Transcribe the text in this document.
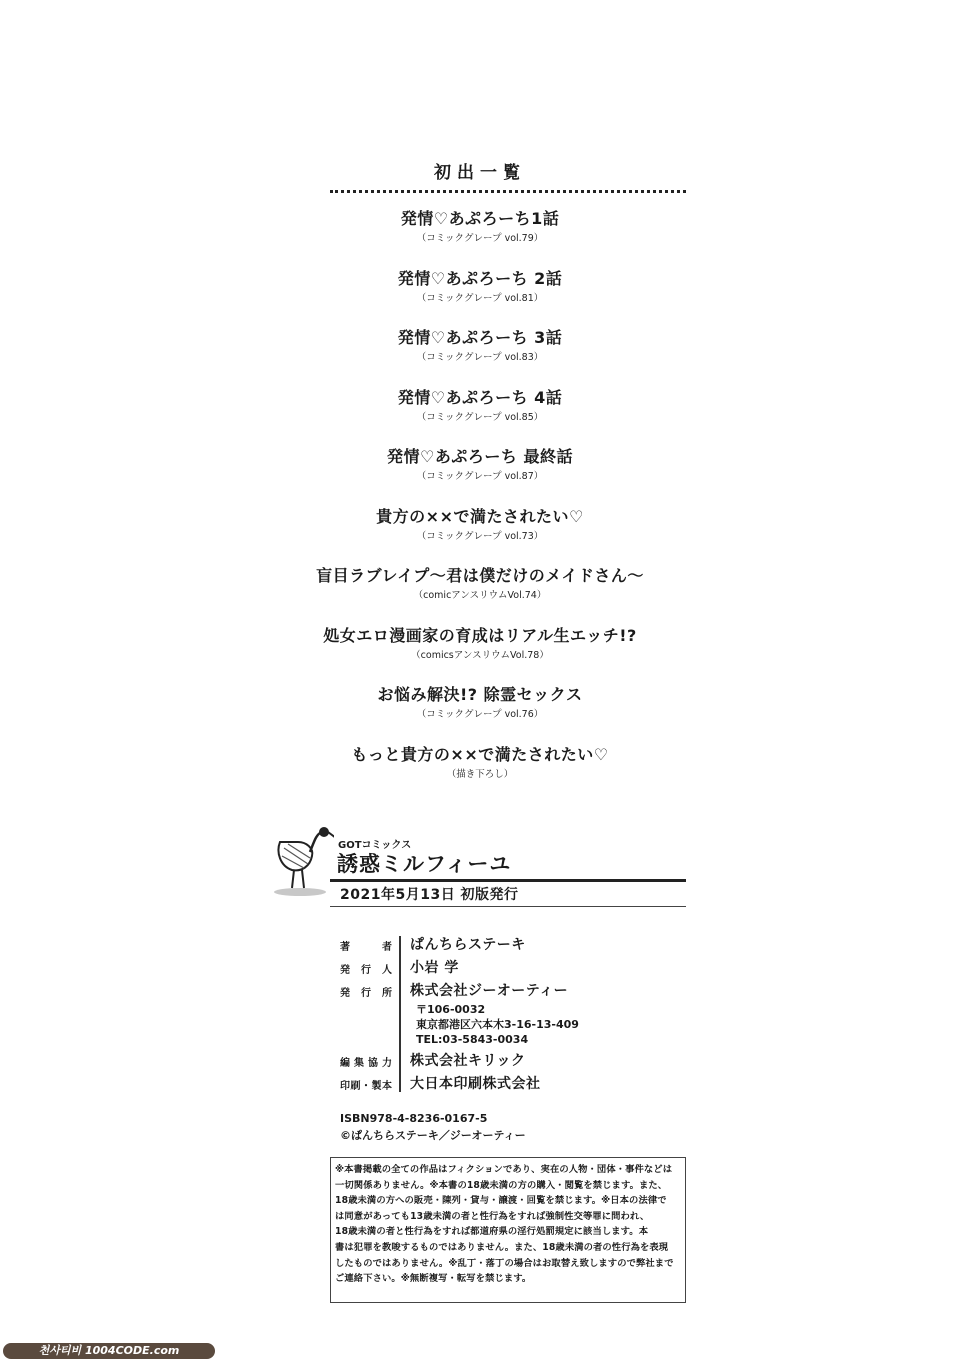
初出一覧
発情♡あぷろーち1話
（コミックグレープ vol.79）
発情♡あぷろーち 2話
（コミックグレープ vol.81）
発情♡あぷろーち 3話
（コミックグレープ vol.83）
発情♡あぷろーち 4話
（コミックグレープ vol.85）
発情♡あぷろーち 最終話
（コミックグレープ vol.87）
貴方の××で満たされたい♡
（コミックグレープ vol.73）
盲目ラブレイプ～君は僕だけのメイドさん～
（comicアンスリウムVol.74）
処女エロ漫画家の育成はリアル生エッチ!?
（comicsアンスリウムVol.78）
お悩み解決!? 除霊セックス
（コミックグレープ vol.76）
もっと貴方の××で満たされたい♡
（描き下ろし）
GOTコミックス
誘惑ミルフィーユ
2021年5月13日 初版発行
著	者 ぱんちらステーキ
発 行 人 小岩 学
発 行 所 株式会社ジーオーティー
〒106-0032
東京都港区六本木3-16-13-409
TEL:03-5843-0034
編 集 協 力 株式会社キリック
印 刷 ・ 製 本 大日本印刷株式会社
ISBN978-4-8236-0167-5
©ぱんちらステーキ／ジーオーティー
※本書掲載の全ての作品はフィクションであり、実在の人物・団体・事件などは
一切関係ありません。※本書の18歳未満の方の購入・閲覧を禁じます。また、
18歳未満の方への販売・陳列・貸与・譲渡・回覧を禁じます。※日本の法律で
は同意があっても13歳未満の者と性行為をすれば強制性交等罪に問われ、
18歳未満の者と性行為をすれば都道府県の淫行処罰規定に該当します。本
書は犯罪を教唆するものではありません。また、18歳未満の者の性行為を表現
したものではありません。※乱丁・落丁の場合はお取替え致しますので弊社まで
ご連絡下さい。※無断複写・転写を禁じます。
천사티비 1004CODE.com
